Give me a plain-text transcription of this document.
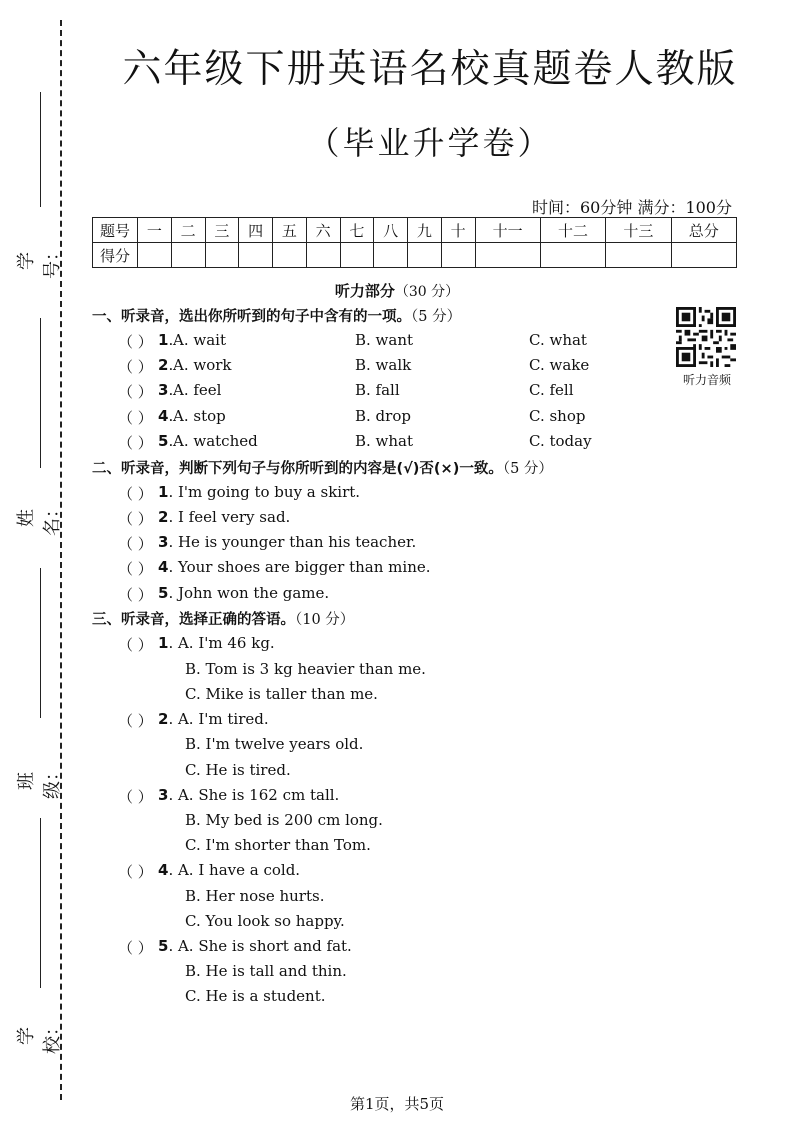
学号：
姓名：
班级：
学校：
六年级下册英语名校真题卷人教版
（毕业升学卷）
时间：60分钟 满分：100分
题号	一	二	三	四	五	六	七	八	九	十	十一	十二	十三	总分
得分														
听力部分（30 分）
听力音频
一、听录音，选出你所听到的句子中含有的一项。（5 分）
（ ） 1. A. wait	B. want	C. what
（ ） 2. A. work	B. walk	C. wake
（ ） 3. A. feel	B. fall	C. fell
（ ） 4. A. stop	B. drop	C. shop
（ ） 5. A. watched	B. what	C. today
二、听录音，判断下列句子与你所听到的内容是(√)否(×)一致。（5 分）
（ ） 1. I'm going to buy a skirt.
（ ） 2. I feel very sad.
（ ） 3. He is younger than his teacher.
（ ） 4. Your shoes are bigger than mine.
（ ） 5. John won the game.
三、听录音，选择正确的答语。（10 分）
（ ） 1. A. I'm 46 kg.
B. Tom is 3 kg heavier than me.
C. Mike is taller than me.
（ ） 2. A. I'm tired.
B. I'm twelve years old.
C. He is tired.
（ ） 3. A. She is 162 cm tall.
B. My bed is 200 cm long.
C. I'm shorter than Tom.
（ ） 4. A. I have a cold.
B. Her nose hurts.
C. You look so happy.
（ ） 5. A. She is short and fat.
B. He is tall and thin.
C. He is a student.
第1页，共5页
